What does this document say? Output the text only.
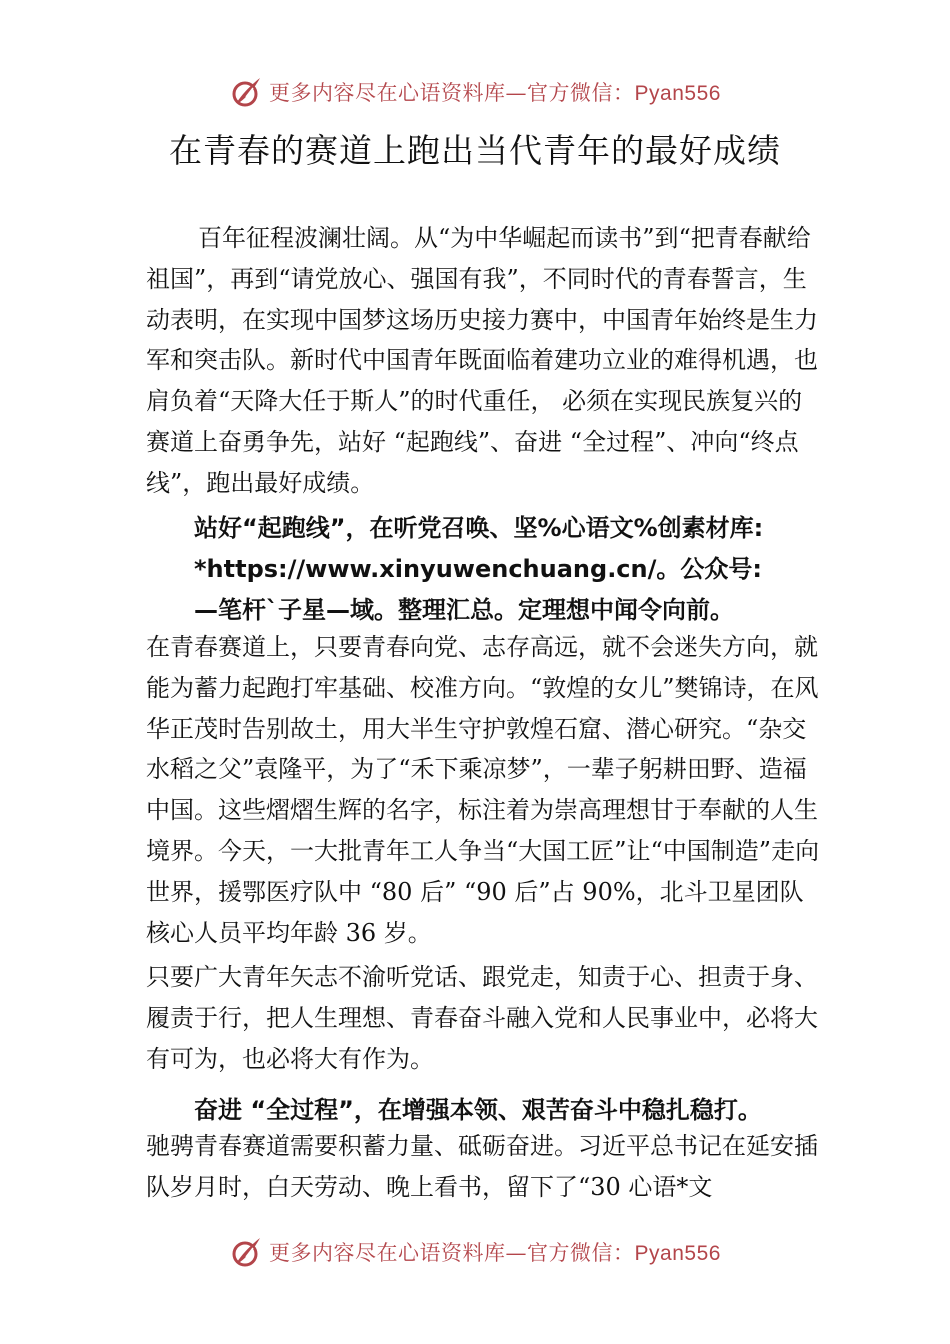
更多内容尽在心语资料库—官方微信：Pyan556
在青春的赛道上跑出当代青年的最好成绩
百年征程波澜壮阔。从“为中华崛起而读书”到“把青春献给祖国”，再到“请党放心、强国有我”，不同时代的青春誓言，生动表明，在实现中国梦这场历史接力赛中，中国青年始终是生力军和突击队。新时代中国青年既面临着建功立业的难得机遇，也肩负着“天降大任于斯人”的时代重任， 必须在实现民族复兴的赛道上奋勇争先，站好 “起跑线”、奋进 “全过程”、冲向“终点线”，跑出最好成绩。
站好“起跑线”，在听党召唤、坚%心语文%创素材库:
*https://www.xinyuwenchuang.cn/。公众号:
—笔杆`子星—域。整理汇总。定理想中闻令向前。
在青春赛道上，只要青春向党、志存高远，就不会迷失方向，就能为蓄力起跑打牢基础、校准方向。“敦煌的女儿”樊锦诗，在风华正茂时告别故土，用大半生守护敦煌石窟、潜心研究。“杂交水稻之父”袁隆平，为了“禾下乘凉梦”，一辈子躬耕田野、造福中国。这些熠熠生辉的名字，标注着为崇高理想甘于奉献的人生境界。今天，一大批青年工人争当“大国工匠”让“中国制造”走向世界，援鄂医疗队中 “80 后” “90 后”占 90%，北斗卫星团队核心人员平均年龄 36 岁。
只要广大青年矢志不渝听党话、跟党走，知责于心、担责于身、履责于行，把人生理想、青春奋斗融入党和人民事业中，必将大有可为，也必将大有作为。
奋进 “全过程”，在增强本领、艰苦奋斗中稳扎稳打。
驰骋青春赛道需要积蓄力量、砥砺奋进。习近平总书记在延安插队岁月时，白天劳动、晚上看书，留下了“30 心语*文
更多内容尽在心语资料库—官方微信：Pyan556
